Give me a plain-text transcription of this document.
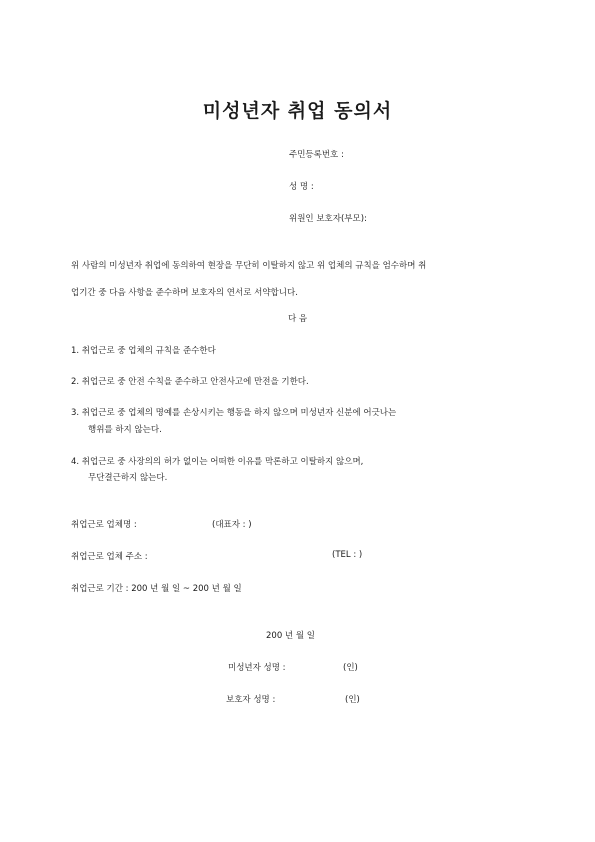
미성년자 취업 동의서
주민등록번호 :
성 명 :
위원인 보호자(부모):
위 사람의 미성년자 취업에 동의하여 현장을 무단히 이탈하지 않고 위 업체의 규칙을 엄수하며 취
업기간 중 다음 사항을 준수하며 보호자의 연서로 서약합니다.
다 음
1. 취업근로 중 업체의 규칙을 준수한다
2. 취업근로 중 안전 수칙을 준수하고 안전사고에 만전을 기한다.
3. 취업근로 중 업체의 명예를 손상시키는 행동을 하지 않으며 미성년자 신분에 어긋나는
행위를 하지 않는다.
4. 취업근로 중 사장의의 허가 없이는 어떠한 이유를 막론하고 이탈하지 않으며,
무단결근하지 않는다.
취업근로 업체명 :	(대표자 : )
취업근로 업체 주소 :	(TEL : )
취업근로 기간 : 200 년 월 일 ~ 200 년 월 일
200 년 월 일
미성년자 성명 :	(인)
보호자 성명 :	(인)
